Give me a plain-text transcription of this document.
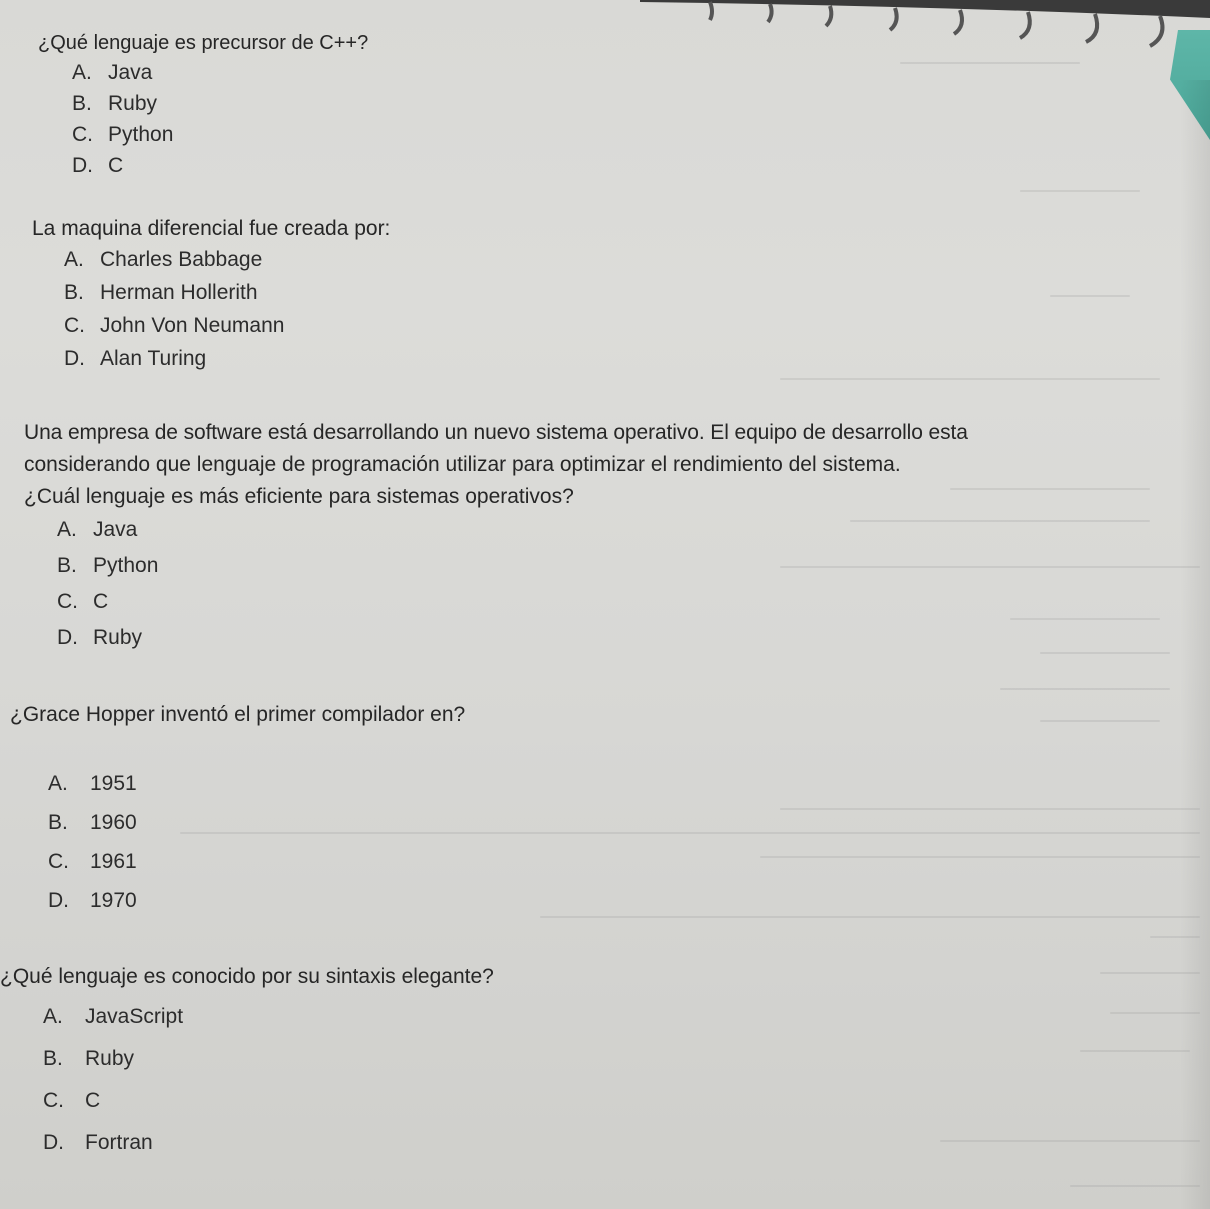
¿Qué lenguaje es precursor de C++?

A. Java
B. Ruby
C. Python
D. C

La maquina diferencial fue creada por:

A. Charles Babbage
B. Herman Hollerith
C. John Von Neumann
D. Alan Turing

Una empresa de software está desarrollando un nuevo sistema operativo. El equipo de desarrollo esta

considerando que lenguaje de programación utilizar para optimizar el rendimiento del sistema.

¿Cuál lenguaje es más eficiente para sistemas operativos?

A. Java
B. Python
C. C
D. Ruby

¿Grace Hopper inventó el primer compilador en?

A.	1951
B.	1960
C.	1961
D.	1970

¿Qué lenguaje es conocido por su sintaxis elegante?

A.	JavaScript
B.	Ruby
C.	C
D.	Fortran
